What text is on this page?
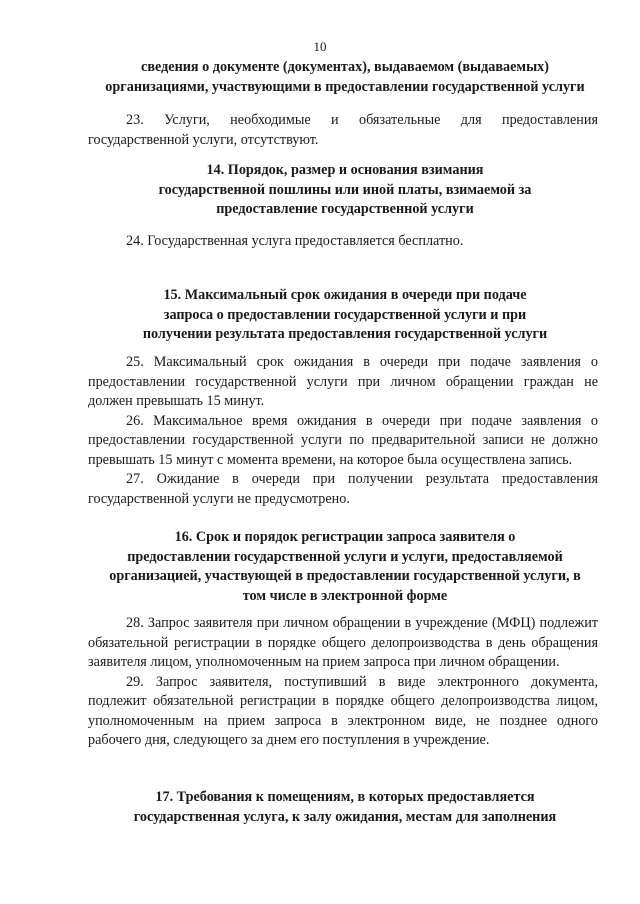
10
сведения о документе (документах), выдаваемом (выдаваемых)
организациями, участвующими в предоставлении государственной услуги

23. Услуги, необходимые и обязательные для предоставления государственной услуги, отсутствуют.

14. Порядок, размер и основания взимания
государственной пошлины или иной платы, взимаемой за
предоставление государственной услуги

24. Государственная услуга предоставляется бесплатно.

15. Максимальный срок ожидания в очереди при подаче
запроса о предоставлении государственной услуги и при
получении результата предоставления государственной услуги

25. Максимальный срок ожидания в очереди при подаче заявления о предоставлении государственной услуги при личном обращении граждан не должен превышать 15 минут.

26. Максимальное время ожидания в очереди при подаче заявления о предоставлении государственной услуги по предварительной записи не должно превышать 15 минут с момента времени, на которое была осуществлена запись.

27. Ожидание в очереди при получении результата предоставления государственной услуги не предусмотрено.

16. Срок и порядок регистрации запроса заявителя о
предоставлении государственной услуги и услуги, предоставляемой
организацией, участвующей в предоставлении государственной услуги, в
том числе в электронной форме

28. Запрос заявителя при личном обращении в учреждение (МФЦ) подлежит обязательной регистрации в порядке общего делопроизводства в день обращения заявителя лицом, уполномоченным на прием запроса при личном обращении.

29. Запрос заявителя, поступивший в виде электронного документа, подлежит обязательной регистрации в порядке общего делопроизводства лицом, уполномоченным на прием запроса в электронном виде, не позднее одного рабочего дня, следующего за днем его поступления в учреждение.

17. Требования к помещениям, в которых предоставляется
государственная услуга, к залу ожидания, местам для заполнения
